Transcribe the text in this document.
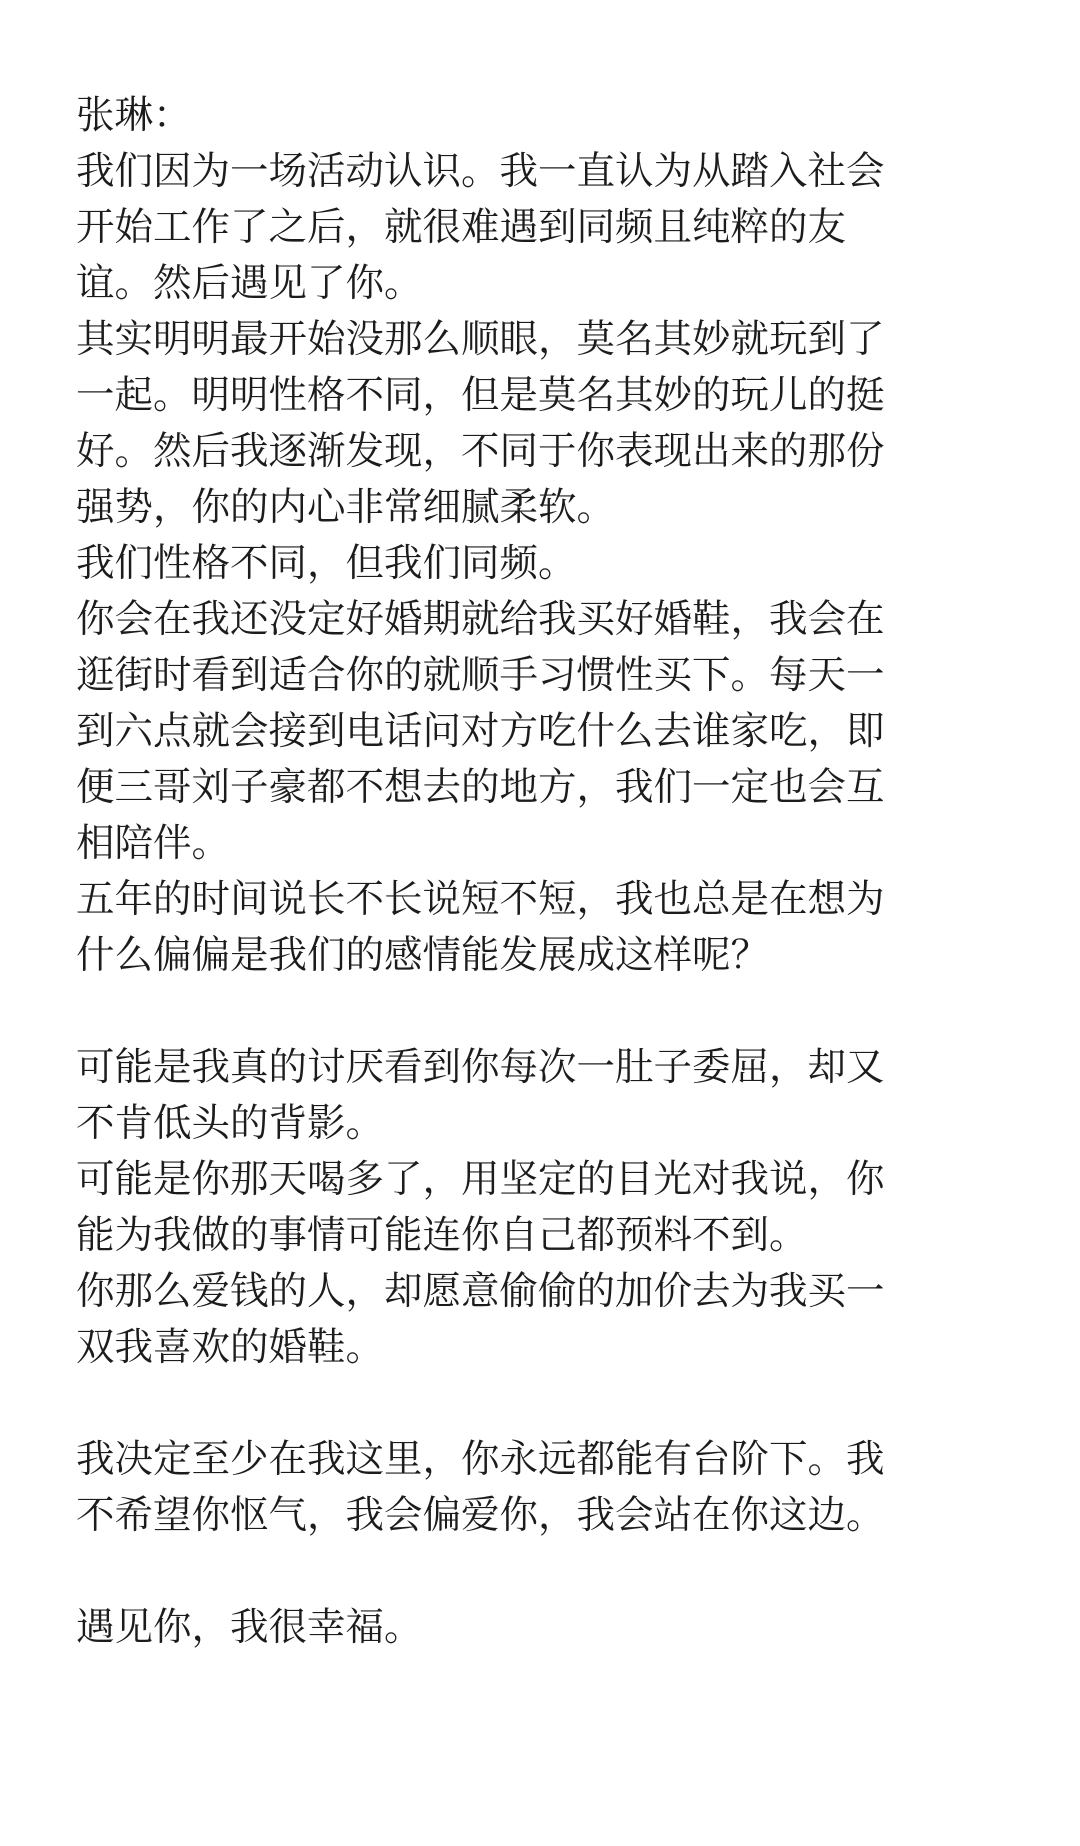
张琳：
我们因为一场活动认识。我一直认为从踏入社会
开始工作了之后，就很难遇到同频且纯粹的友
谊。然后遇见了你。
其实明明最开始没那么顺眼，莫名其妙就玩到了
一起。明明性格不同，但是莫名其妙的玩儿的挺
好。然后我逐渐发现，不同于你表现出来的那份
强势，你的内心非常细腻柔软。
我们性格不同，但我们同频。
你会在我还没定好婚期就给我买好婚鞋，我会在
逛街时看到适合你的就顺手习惯性买下。每天一
到六点就会接到电话问对方吃什么去谁家吃，即
便三哥刘子豪都不想去的地方，我们一定也会互
相陪伴。
五年的时间说长不长说短不短，我也总是在想为
什么偏偏是我们的感情能发展成这样呢？
可能是我真的讨厌看到你每次一肚子委屈，却又
不肯低头的背影。
可能是你那天喝多了，用坚定的目光对我说，你
能为我做的事情可能连你自己都预料不到。
你那么爱钱的人，却愿意偷偷的加价去为我买一
双我喜欢的婚鞋。
我决定至少在我这里，你永远都能有台阶下。我
不希望你怄气，我会偏爱你，我会站在你这边。
遇见你，我很幸福。
